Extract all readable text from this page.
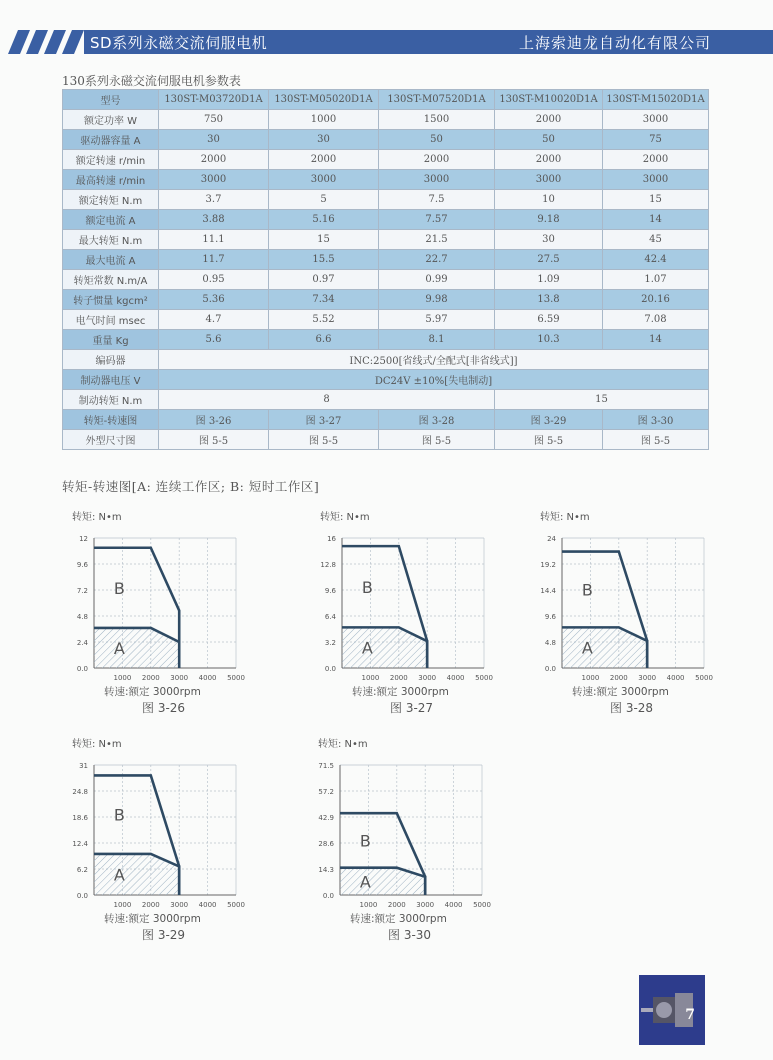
SD系列永磁交流伺服电机	上海索迪龙自动化有限公司
130系列永磁交流伺服电机参数表
型号	130ST-M03720D1A	130ST-M05020D1A	130ST-M07520D1A	130ST-M10020D1A	130ST-M15020D1A
额定功率 W	750	1000	1500	2000	3000
驱动器容量 A	30	30	50	50	75
额定转速 r/min	2000	2000	2000	2000	2000
最高转速 r/min	3000	3000	3000	3000	3000
额定转矩 N.m	3.7	5	7.5	10	15
额定电流 A	3.88	5.16	7.57	9.18	14
最大转矩 N.m	11.1	15	21.5	30	45
最大电流 A	11.7	15.5	22.7	27.5	42.4
转矩常数 N.m/A	0.95	0.97	0.99	1.09	1.07
转子惯量 kgcm²	5.36	7.34	9.98	13.8	20.16
电气时间 msec	4.7	5.52	5.97	6.59	7.08
重量 Kg	5.6	6.6	8.1	10.3	14
编码器	INC:2500[省线式/全配式[非省线式]]				
制动器电压 V	DC24V ±10%[失电制动]				
制动转矩 N.m	8			15	
转矩-转速图	图 3-26	图 3-27	图 3-28	图 3-29	图 3-30
外型尺寸图	图 5-5	图 5-5	图 5-5	图 5-5	图 5-5
转矩-转速图[A: 连续工作区; B: 短时工作区]
转矩: N•m
0.0
2.4
4.8
7.2
9.6
12
1000 2000 3000 4000 5000
B
A
转速:额定 3000rpm
图 3-26
转矩: N•m
0.0
3.2
6.4
9.6
12.8
16
1000 2000 3000 4000 5000
B
A
转速:额定 3000rpm
图 3-27
转矩: N•m
0.0
4.8
9.6
14.4
19.2
24
1000 2000 3000 4000 5000
B
A
转速:额定 3000rpm
图 3-28
转矩: N•m
0.0
6.2
12.4
18.6
24.8
31
1000 2000 3000 4000 5000
B
A
转速:额定 3000rpm
图 3-29
转矩: N•m
0.0
14.3
28.6
42.9
57.2
71.5
1000 2000 3000 4000 5000
B
A
转速:额定 3000rpm
图 3-30
7
